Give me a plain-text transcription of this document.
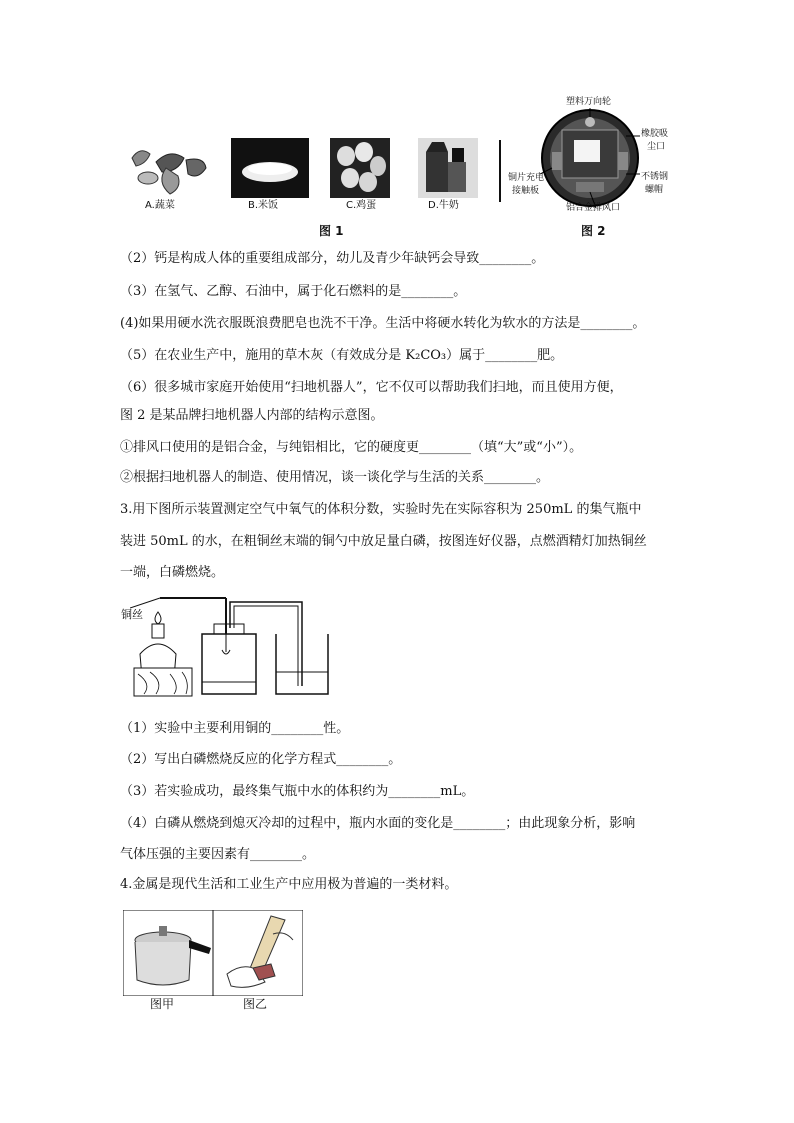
A.蔬菜	B.米饭	C.鸡蛋	D.牛奶
图 1
塑料万向轮
橡胶吸
尘口
不锈钢
螺帽
铜片充电
接触板
铝合金排风口
图 2
（2）钙是构成人体的重要组成部分，幼儿及青少年缺钙会导致________。
（3）在氢气、乙醇、石油中，属于化石燃料的是________。
(4)如果用硬水洗衣服既浪费肥皂也洗不干净。生活中将硬水转化为软水的方法是________。
（5）在农业生产中，施用的草木灰（有效成分是 K₂CO₃）属于________肥。
（6）很多城市家庭开始使用“扫地机器人”，它不仅可以帮助我们扫地，而且使用方便，
图 2 是某品牌扫地机器人内部的结构示意图。
①排风口使用的是铝合金，与纯铝相比，它的硬度更________（填“大”或“小”）。
②根据扫地机器人的制造、使用情况，谈一谈化学与生活的关系________。
3.用下图所示装置测定空气中氧气的体积分数，实验时先在实际容积为 250mL 的集气瓶中
装进 50mL 的水，在粗铜丝末端的铜勺中放足量白磷，按图连好仪器，点燃酒精灯加热铜丝
一端，白磷燃烧。
铜丝
（1）实验中主要利用铜的________性。
（2）写出白磷燃烧反应的化学方程式________。
（3）若实验成功，最终集气瓶中水的体积约为________mL。
（4）白磷从燃烧到熄灭冷却的过程中，瓶内水面的变化是________；由此现象分析，影响
气体压强的主要因素有________。
4.金属是现代生活和工业生产中应用极为普遍的一类材料。
图甲	图乙
